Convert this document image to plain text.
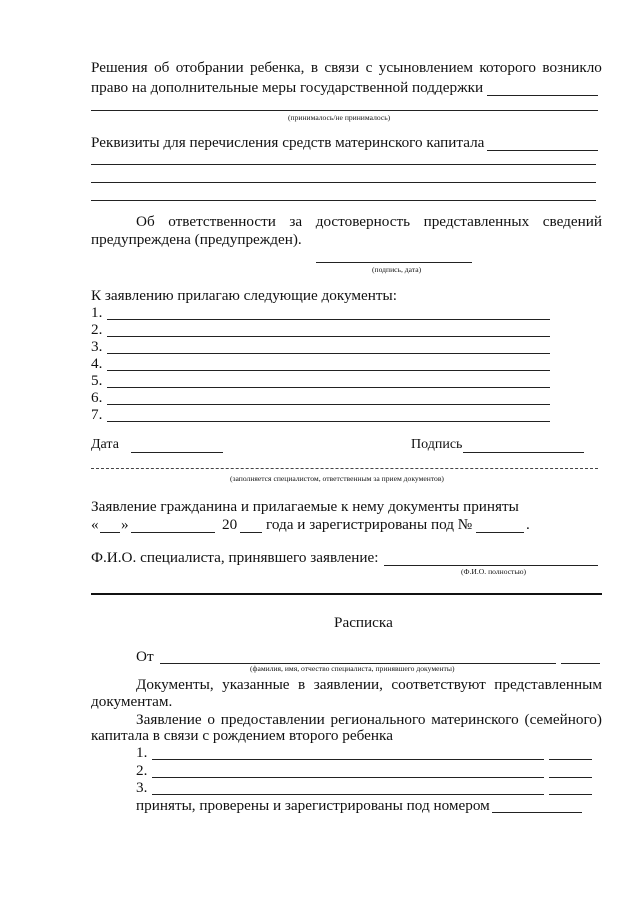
Решения об отобрании ребенка, в связи с усыновлением которого возникло
право на дополнительные меры государственной поддержки
(принималось/не принималось)
Реквизиты для перечисления средств материнского капитала
Об ответственности за достоверность представленных сведений
предупреждена (предупрежден).
(подпись, дата)
К заявлению прилагаю следующие документы:
1.
2.
3.
4.
5.
6.
7.
Дата	Подпись
(заполняется специалистом, ответственным за прием документов)
Заявление гражданина и прилагаемые к нему документы приняты
« »	20 года и зарегистрированы под №	.
Ф.И.О. специалиста, принявшего заявление:
(Ф.И.О. полностью)
Расписка
От
(фамилия, имя, отчество специалиста, принявшего документы)
Документы, указанные в заявлении, соответствуют представленным
документам.
Заявление о предоставлении регионального материнского (семейного)
капитала в связи с рождением второго ребенка
1.
2.
3.
приняты, проверены и зарегистрированы под номером
